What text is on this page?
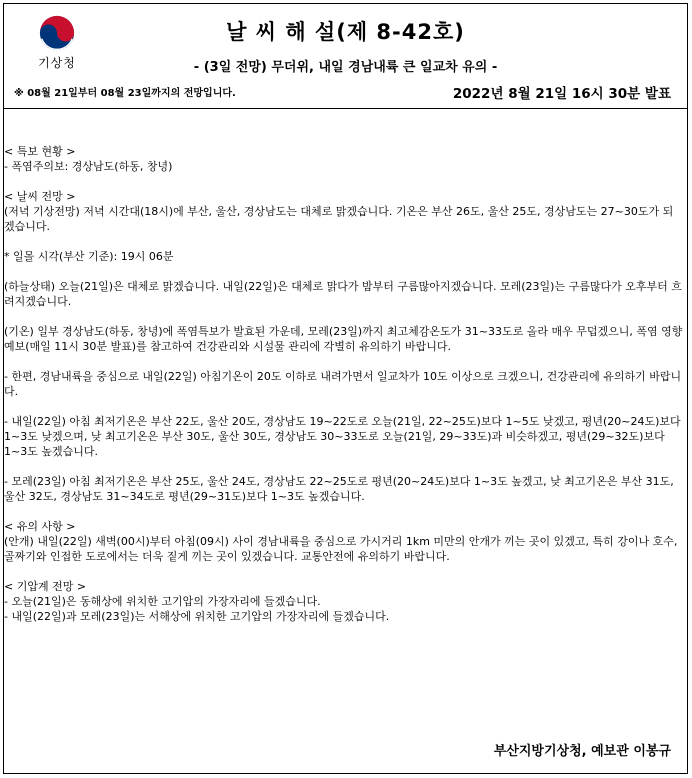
기상청
날 씨 해 설(제 8-42호)
- (3일 전망) 무더위, 내일 경남내륙 큰 일교차 유의 -
※ 08월 21일부터 08월 23일까지의 전망입니다.	2022년 8월 21일 16시 30분 발표
< 특보 현황 >
- 폭염주의보: 경상남도(하동, 창녕)
< 날씨 전망 >
(저녁 기상전망) 저녁 시간대(18시)에 부산, 울산, 경상남도는 대체로 맑겠습니다. 기온은 부산 26도, 울산 25도, 경상남도는 27~30도가 되겠습니다.
* 일몰 시각(부산 기준): 19시 06분
(하늘상태) 오늘(21일)은 대체로 맑겠습니다. 내일(22일)은 대체로 맑다가 밤부터 구름많아지겠습니다. 모레(23일)는 구름많다가 오후부터 흐려지겠습니다.
(기온) 일부 경상남도(하동, 창녕)에 폭염특보가 발효된 가운데, 모레(23일)까지 최고체감온도가 31~33도로 올라 매우 무덥겠으니, 폭염 영향예보(매일 11시 30분 발표)를 참고하여 건강관리와 시설물 관리에 각별히 유의하기 바랍니다.
- 한편, 경남내륙을 중심으로 내일(22일) 아침기온이 20도 이하로 내려가면서 일교차가 10도 이상으로 크겠으니, 건강관리에 유의하기 바랍니다.
- 내일(22일) 아침 최저기온은 부산 22도, 울산 20도, 경상남도 19~22도로 오늘(21일, 22~25도)보다 1~5도 낮겠고, 평년(20~24도)보다 1~3도 낮겠으며, 낮 최고기온은 부산 30도, 울산 30도, 경상남도 30~33도로 오늘(21일, 29~33도)과 비슷하겠고, 평년(29~32도)보다 1~3도 높겠습니다.
- 모레(23일) 아침 최저기온은 부산 25도, 울산 24도, 경상남도 22~25도로 평년(20~24도)보다 1~3도 높겠고, 낮 최고기온은 부산 31도, 울산 32도, 경상남도 31~34도로 평년(29~31도)보다 1~3도 높겠습니다.
< 유의 사항 >
(안개) 내일(22일) 새벽(00시)부터 아침(09시) 사이 경남내륙을 중심으로 가시거리 1km 미만의 안개가 끼는 곳이 있겠고, 특히 강이나 호수, 골짜기와 인접한 도로에서는 더욱 짙게 끼는 곳이 있겠습니다. 교통안전에 유의하기 바랍니다.
< 기압계 전망 >
- 오늘(21일)은 동해상에 위치한 고기압의 가장자리에 들겠습니다.
- 내일(22일)과 모레(23일)는 서해상에 위치한 고기압의 가장자리에 들겠습니다.
부산지방기상청, 예보관 이봉규
